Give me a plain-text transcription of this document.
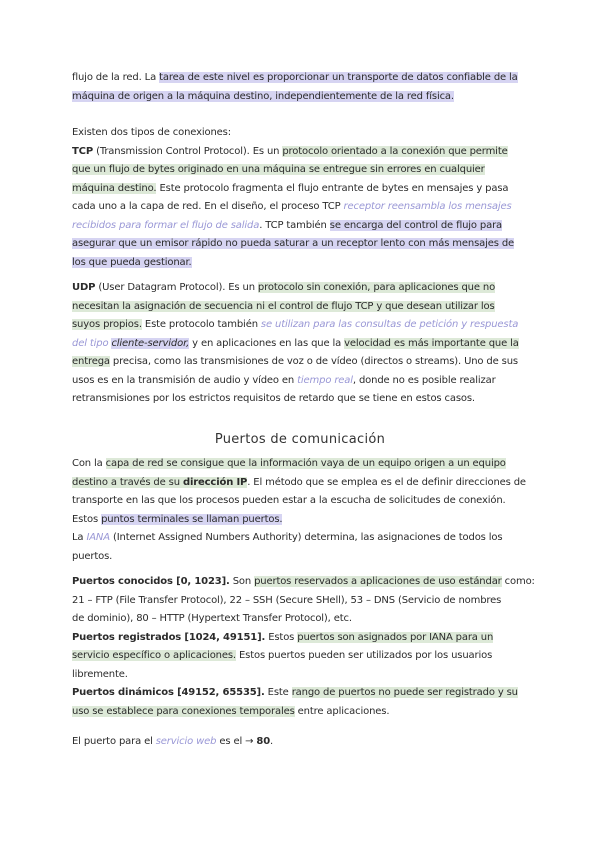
flujo de la red. La tarea de este nivel es proporcionar un transporte de datos confiable de la
máquina de origen a la máquina destino, independientemente de la red física.
Existen dos tipos de conexiones:
TCP (Transmission Control Protocol). Es un protocolo orientado a la conexión que permite
que un flujo de bytes originado en una máquina se entregue sin errores en cualquier
máquina destino. Este protocolo fragmenta el flujo entrante de bytes en mensajes y pasa
cada uno a la capa de red. En el diseño, el proceso TCP receptor reensambla los mensajes
recibidos para formar el flujo de salida. TCP también se encarga del control de flujo para
asegurar que un emisor rápido no pueda saturar a un receptor lento con más mensajes de
los que pueda gestionar.
UDP (User Datagram Protocol). Es un protocolo sin conexión, para aplicaciones que no
necesitan la asignación de secuencia ni el control de flujo TCP y que desean utilizar los
suyos propios. Este protocolo también se utilizan para las consultas de petición y respuesta
del tipo cliente-servidor, y en aplicaciones en las que la velocidad es más importante que la
entrega precisa, como las transmisiones de voz o de vídeo (directos o streams). Uno de sus
usos es en la transmisión de audio y vídeo en tiempo real, donde no es posible realizar
retransmisiones por los estrictos requisitos de retardo que se tiene en estos casos.
Puertos de comunicación
Con la capa de red se consigue que la información vaya de un equipo origen a un equipo
destino a través de su dirección IP. El método que se emplea es el de definir direcciones de
transporte en las que los procesos pueden estar a la escucha de solicitudes de conexión.
Estos puntos terminales se llaman puertos.
La IANA (Internet Assigned Numbers Authority) determina, las asignaciones de todos los
puertos.
Puertos conocidos [0, 1023]. Son puertos reservados a aplicaciones de uso estándar como:
21 – FTP (File Transfer Protocol), 22 – SSH (Secure SHell), 53 – DNS (Servicio de nombres
de dominio), 80 – HTTP (Hypertext Transfer Protocol), etc.
Puertos registrados [1024, 49151]. Estos puertos son asignados por IANA para un
servicio específico o aplicaciones. Estos puertos pueden ser utilizados por los usuarios
libremente.
Puertos dinámicos [49152, 65535]. Este rango de puertos no puede ser registrado y su
uso se establece para conexiones temporales entre aplicaciones.
El puerto para el servicio web es el → 80.
